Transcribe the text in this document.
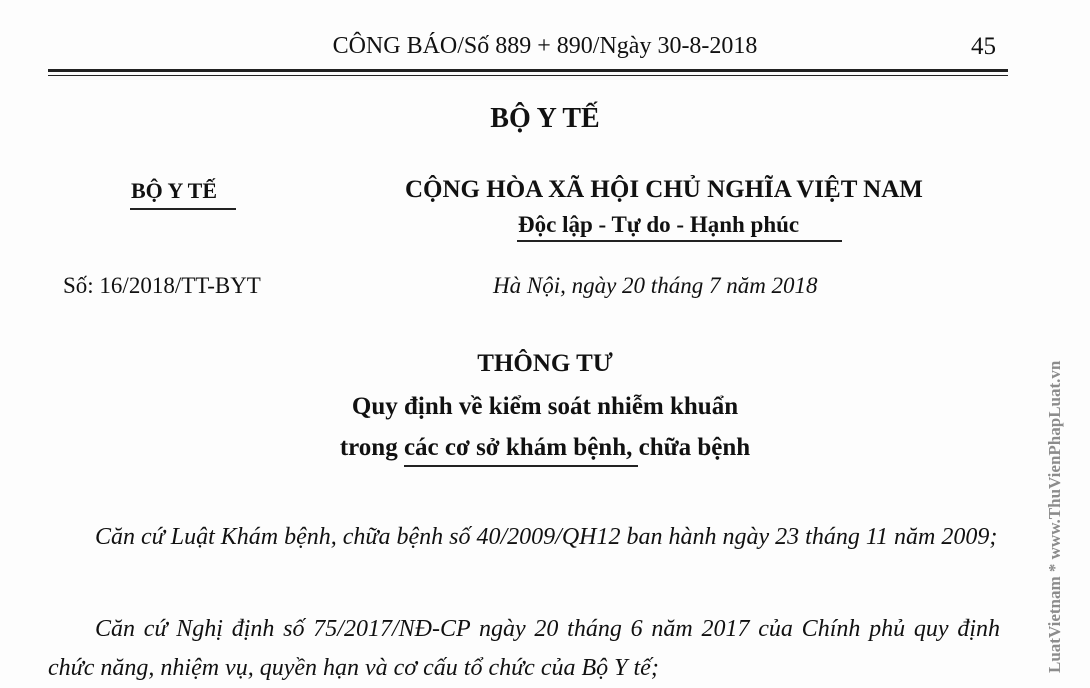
CÔNG BÁO/Số 889 + 890/Ngày 30-8-2018	45
BỘ Y TẾ
BỘ Y TẾ	CỘNG HÒA XÃ HỘI CHỦ NGHĨA VIỆT NAM
Độc lập - Tự do - Hạnh phúc
Số: 16/2018/TT-BYT	Hà Nội, ngày 20 tháng 7 năm 2018
THÔNG TƯ
Quy định về kiểm soát nhiễm khuẩn
trong các cơ sở khám bệnh, chữa bệnh
Căn cứ Luật Khám bệnh, chữa bệnh số 40/2009/QH12 ban hành ngày 23 tháng 11 năm 2009;
Căn cứ Nghị định số 75/2017/NĐ-CP ngày 20 tháng 6 năm 2017 của Chính phủ quy định chức năng, nhiệm vụ, quyền hạn và cơ cấu tổ chức của Bộ Y tế;	LuatVietnam * www.ThuVienPhapLuat.vn
